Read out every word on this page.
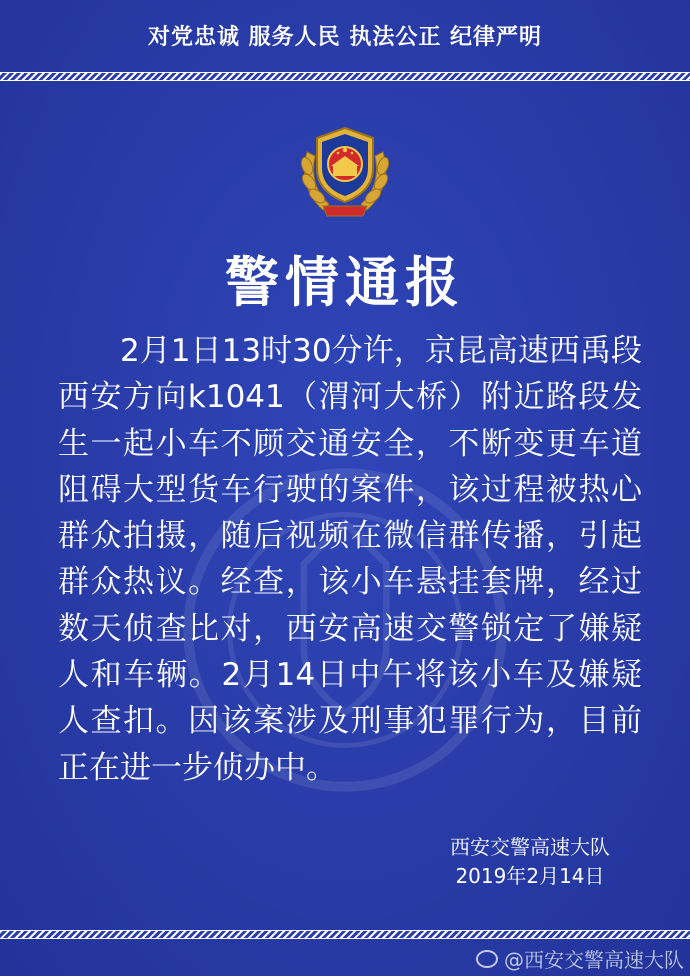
对党忠诚 服务人民 执法公正 纪律严明
警情通报
2月1日13时30分许，京昆高速西禹段西安方向k1041（渭河大桥）附近路段发生一起小车不顾交通安全，不断变更车道阻碍大型货车行驶的案件，该过程被热心群众拍摄，随后视频在微信群传播，引起群众热议。经查，该小车悬挂套牌，经过数天侦查比对，西安高速交警锁定了嫌疑人和车辆。2月14日中午将该小车及嫌疑人查扣。因该案涉及刑事犯罪行为，目前正在进一步侦办中。
西安交警高速大队
2019年2月14日
@西安交警高速大队
